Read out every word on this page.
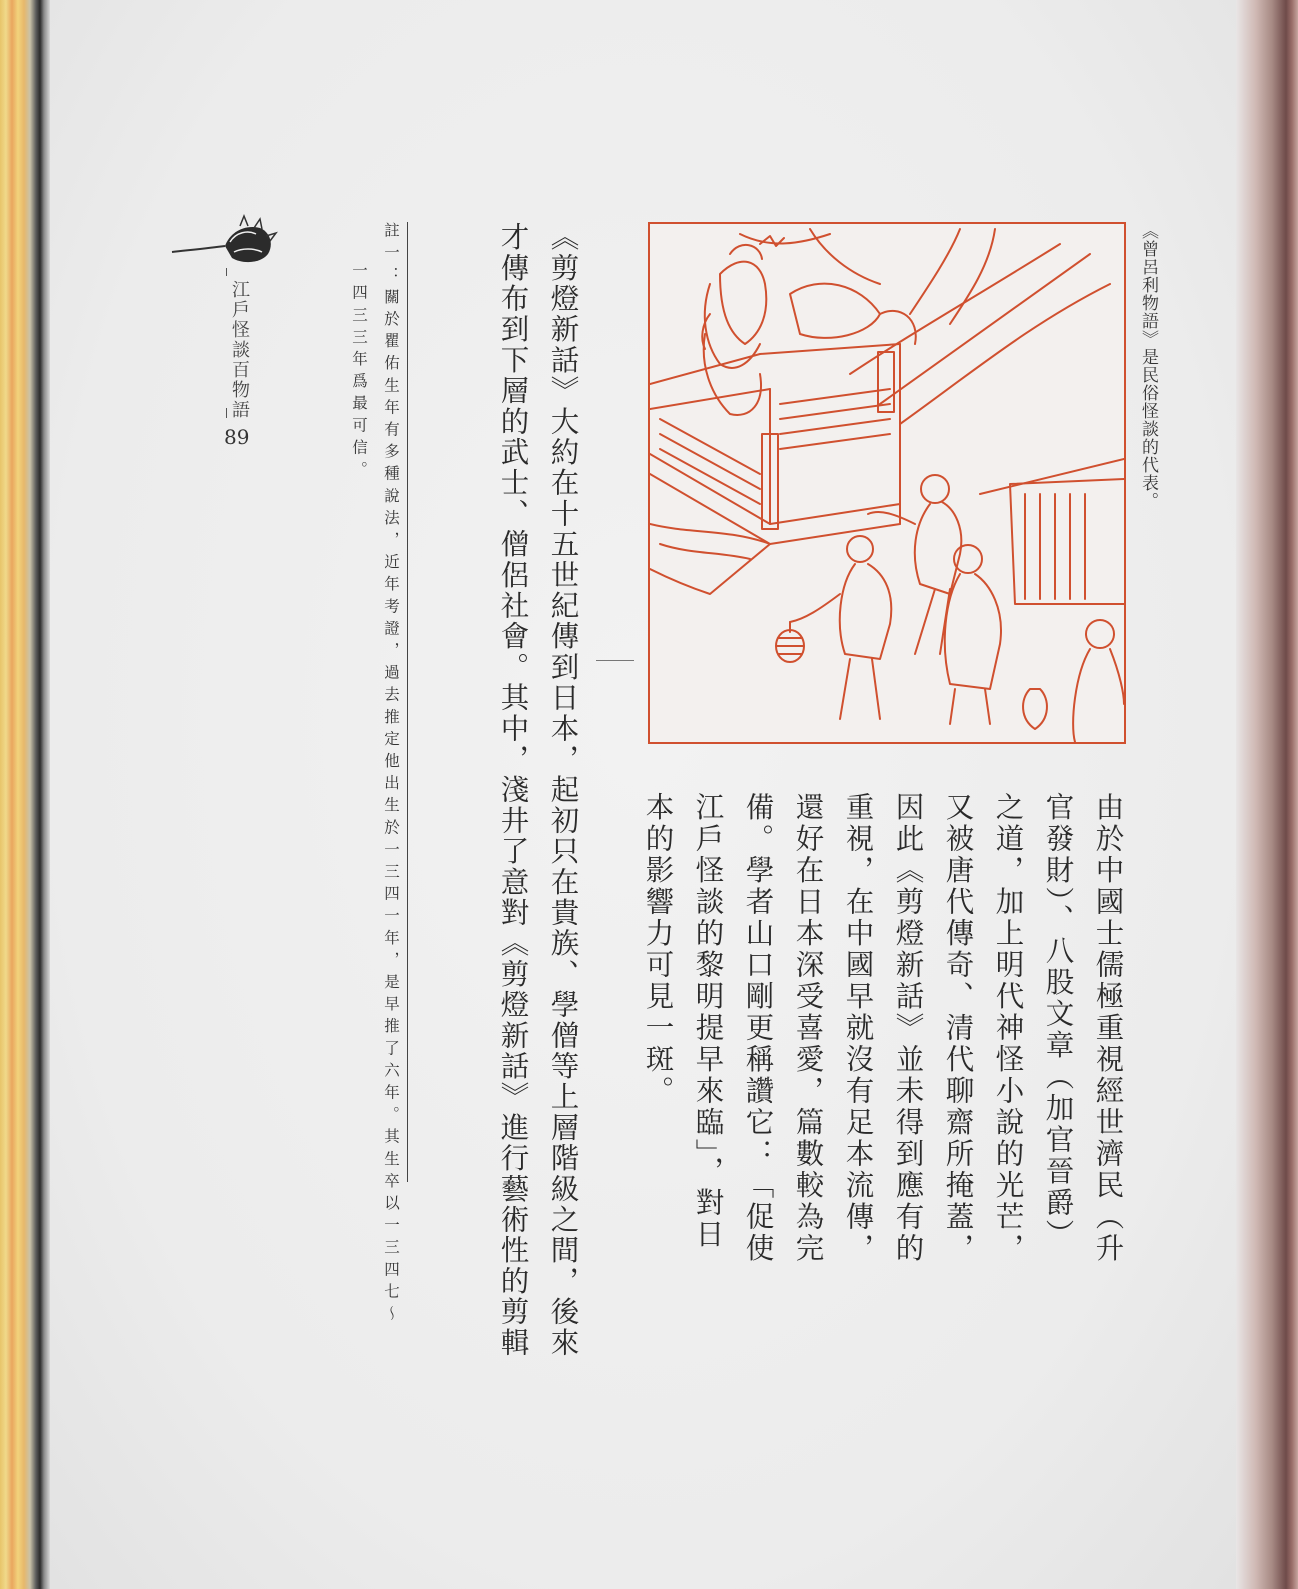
《曾呂利物語》是民俗怪談的代表。
由於中國士儒極重視經世濟民（升
官發財）、八股文章（加官晉爵）
之道，加上明代神怪小說的光芒，
又被唐代傳奇、清代聊齋所掩蓋，
因此《剪燈新話》並未得到應有的
重視，在中國早就沒有足本流傳，
還好在日本深受喜愛，篇數較為完
備。學者山口剛更稱讚它：「促使
江戶怪談的黎明提早來臨」，對日
本的影響力可見一斑。
《剪燈新話》大約在十五世紀傳到日本，起初只在貴族、學僧等上層階級之間，後來
才傳布到下層的武士、僧侶社會。其中，淺井了意對《剪燈新話》進行藝術性的剪輯
註一：關於瞿佑生年有多種說法，近年考證，過去推定他出生於一三四一年，是早推了六年。其生卒以一三四七～
一四三三年爲最可信。
江戶怪談百物語
89
